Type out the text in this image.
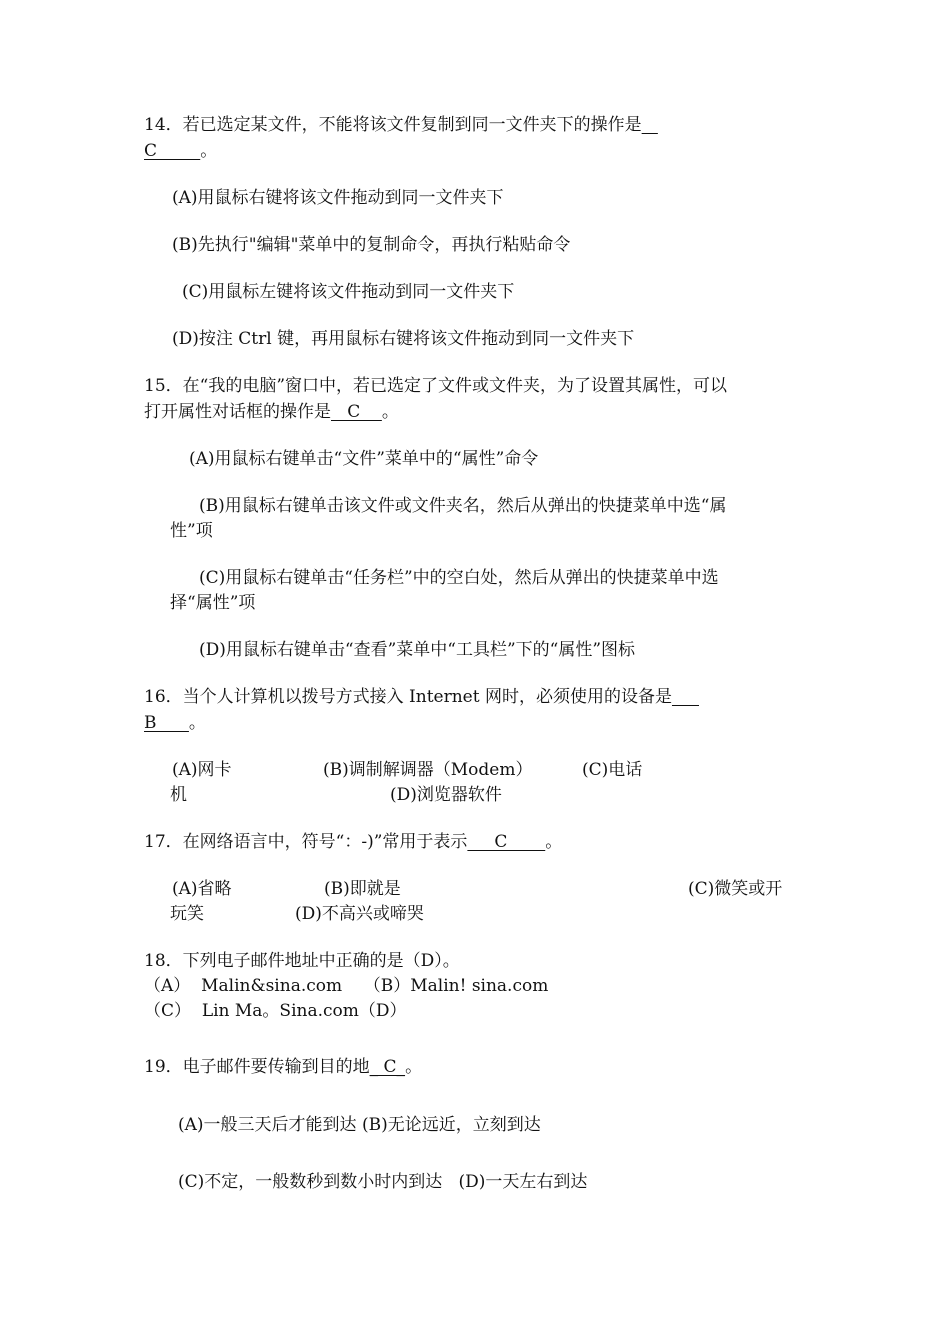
14．若已选定某文件，不能将该文件复制到同一文件夹下的操作是
C        。
(A)用鼠标右键将该文件拖动到同一文件夹下
(B)先执行"编辑"菜单中的复制命令，再执行粘贴命令
(C)用鼠标左键将该文件拖动到同一文件夹下
(D)按注 Ctrl 键，再用鼠标右键将该文件拖动到同一文件夹下
15．在“我的电脑”窗口中，若已选定了文件或文件夹，为了设置其属性，可以
打开属性对话框的操作是   C    。
(A)用鼠标右键单击“文件”菜单中的“属性”命令
(B)用鼠标右键单击该文件或文件夹名，然后从弹出的快捷菜单中选“属
性”项
(C)用鼠标右键单击“任务栏”中的空白处，然后从弹出的快捷菜单中选
择“属性”项
(D)用鼠标右键单击“查看”菜单中“工具栏”下的“属性”图标
16．当个人计算机以拨号方式接入 Internet 网时，必须使用的设备是
B      。
(A)网卡	(B)调制解调器（Modem）	(C)电话
机	(D)浏览器软件
17．在网络语言中，符号“：-)”常用于表示     C       。
(A)省略	(B)即就是	(C)微笑或开
玩笑	(D)不高兴或啼哭
18．下列电子邮件地址中正确的是（D）。
（A）  Malin&sina.com    （B）Malin! sina.com
（C）  Lin Ma。Sina.com（D）
19．电子邮件要传输到目的地_ C_。
(A)一般三天后才能到达 (B)无论远近，立刻到达
(C)不定，一般数秒到数小时内到达   (D)一天左右到达
